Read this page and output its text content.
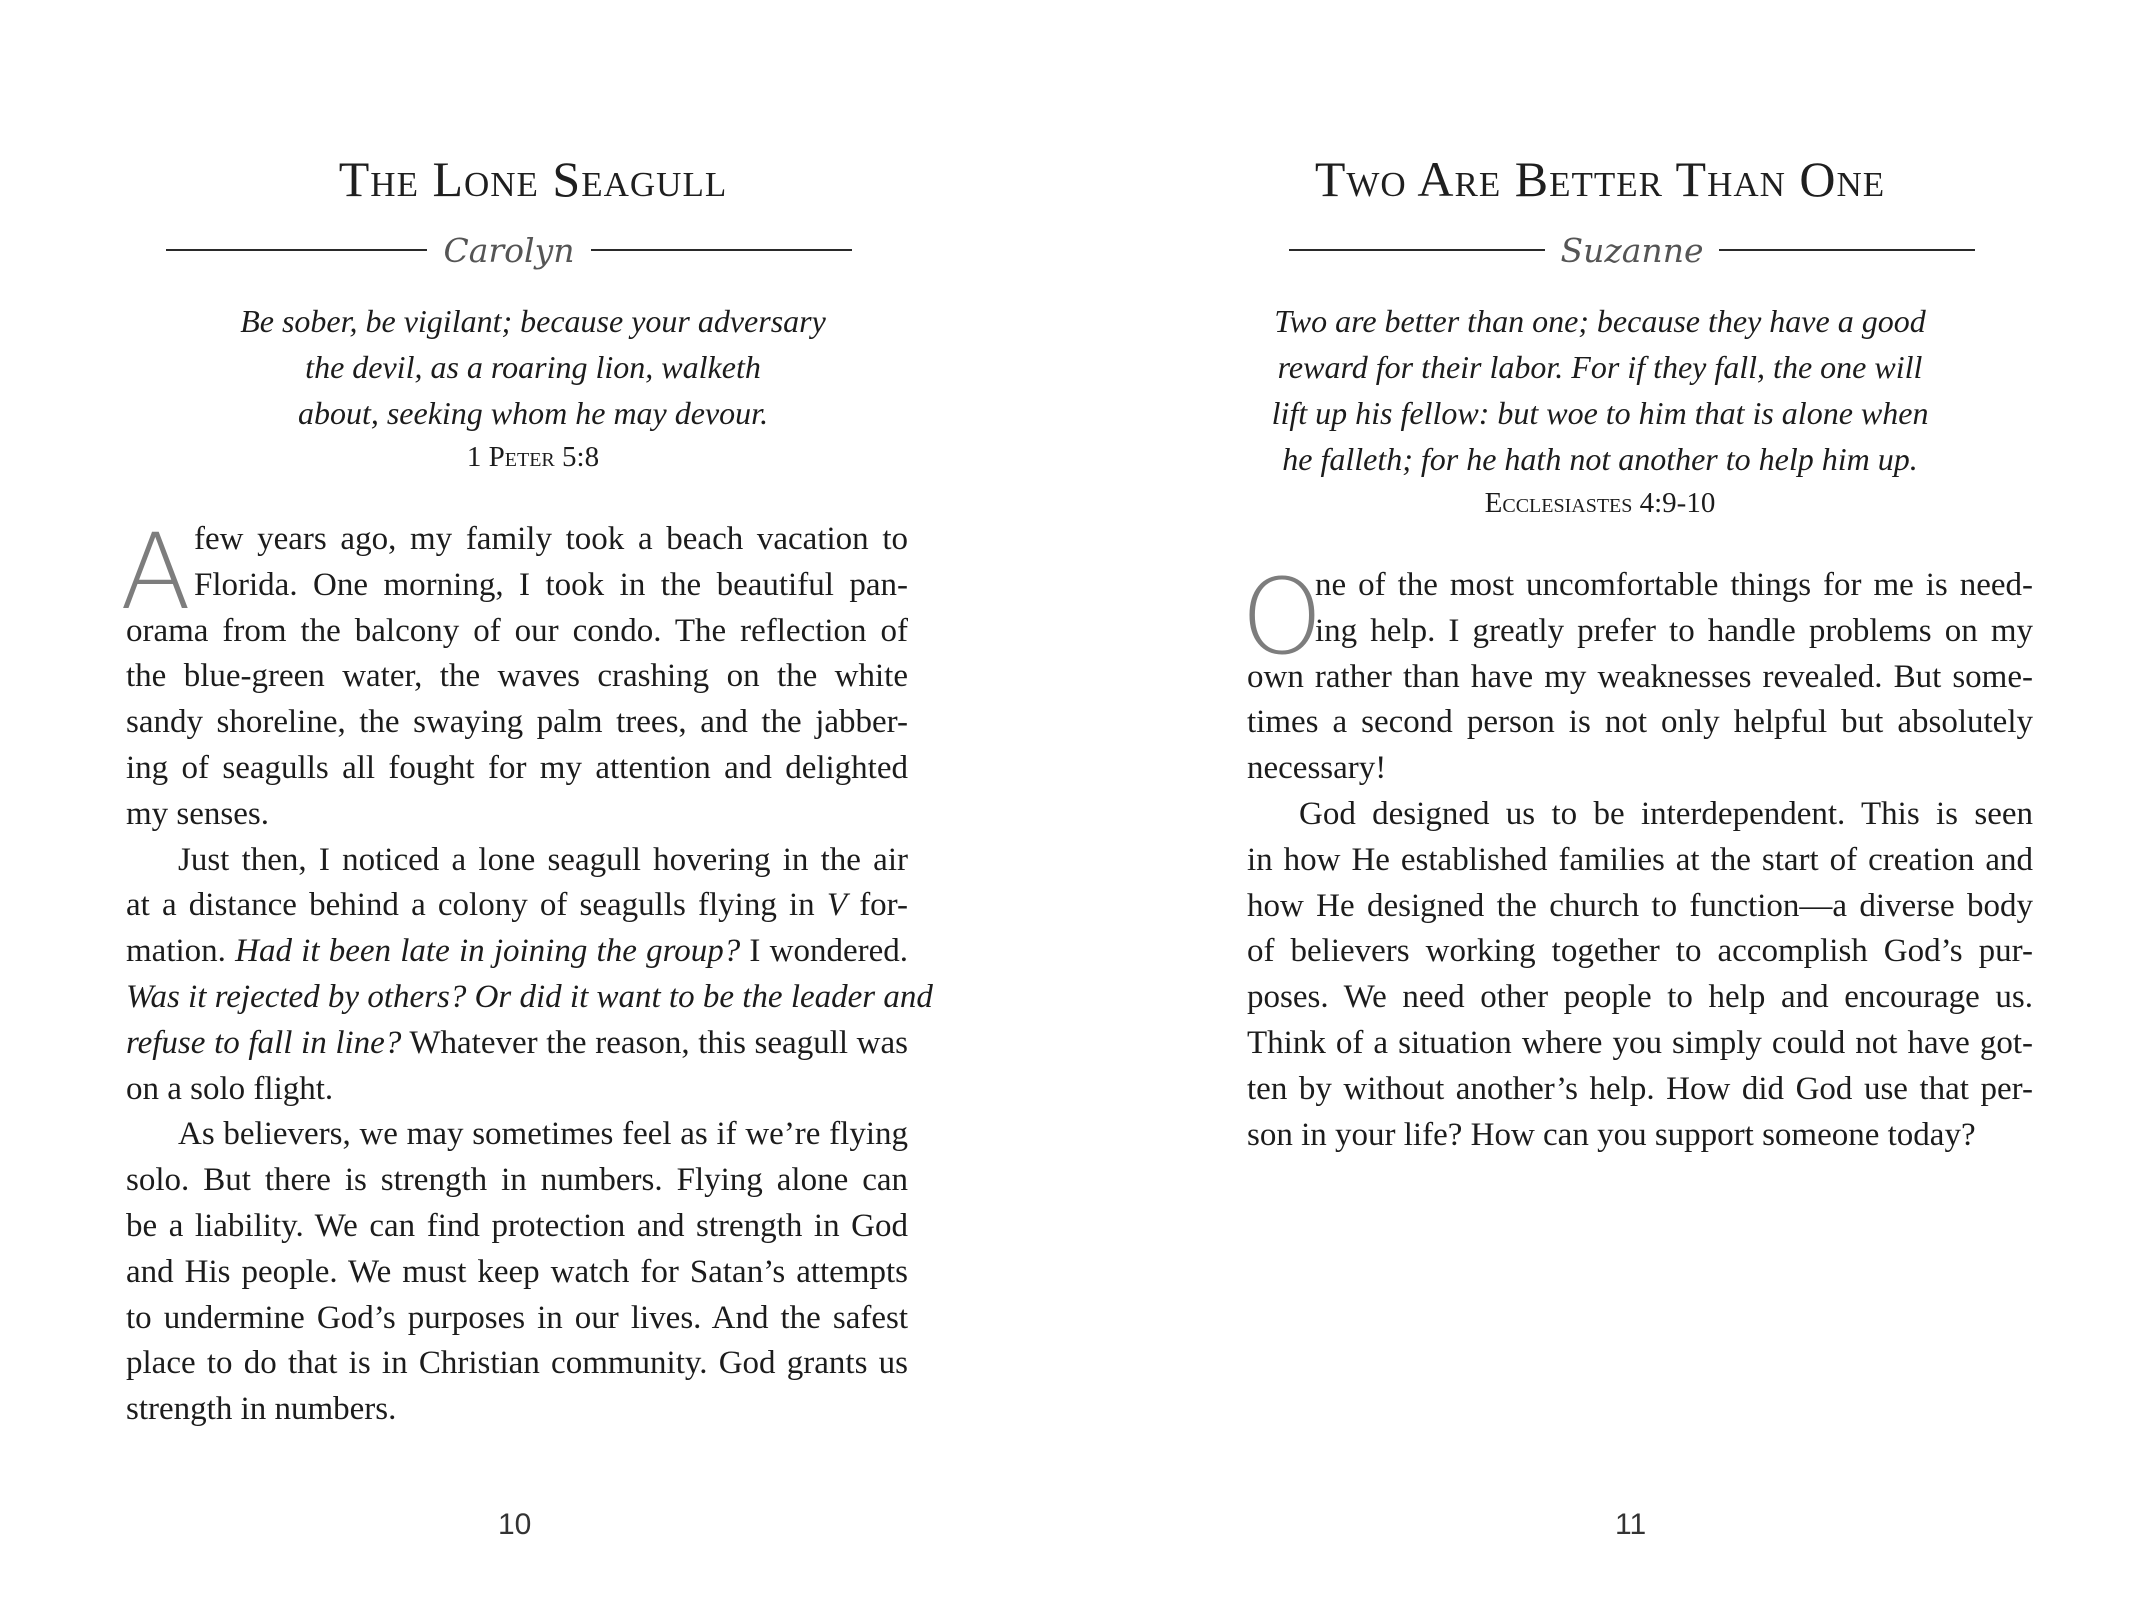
The Lone Seagull
Carolyn
Be sober, be vigilant; because your adversary
the devil, as a roaring lion, walketh
about, seeking whom he may devour.
1 Peter 5:8
A few years ago, my family took a beach vacation to
Florida. One morning, I took in the beautiful pan-
orama from the balcony of our condo. The reflection of
the blue-green water, the waves crashing on the white
sandy shoreline, the swaying palm trees, and the jabber-
ing of seagulls all fought for my attention and delighted
my senses.
Just then, I noticed a lone seagull hovering in the air
at a distance behind a colony of seagulls flying in V for-
mation. Had it been late in joining the group? I wondered.
Was it rejected by others? Or did it want to be the leader and
refuse to fall in line? Whatever the reason, this seagull was
on a solo flight.
As believers, we may sometimes feel as if we’re flying
solo. But there is strength in numbers. Flying alone can
be a liability. We can find protection and strength in God
and His people. We must keep watch for Satan’s attempts
to undermine God’s purposes in our lives. And the safest
place to do that is in Christian community. God grants us
strength in numbers.
10
Two Are Better Than One
Suzanne
Two are better than one; because they have a good
reward for their labor. For if they fall, the one will
lift up his fellow: but woe to him that is alone when
he falleth; for he hath not another to help him up.
Ecclesiastes 4:9-10
O
ne of the most uncomfortable things for me is need-
ing help. I greatly prefer to handle problems on my
own rather than have my weaknesses revealed. But some-
times a second person is not only helpful but absolutely
necessary!
God designed us to be interdependent. This is seen
in how He established families at the start of creation and
how He designed the church to function—a diverse body
of believers working together to accomplish God’s pur-
poses. We need other people to help and encourage us.
Think of a situation where you simply could not have got-
ten by without another’s help. How did God use that per-
son in your life? How can you support someone today?
11
